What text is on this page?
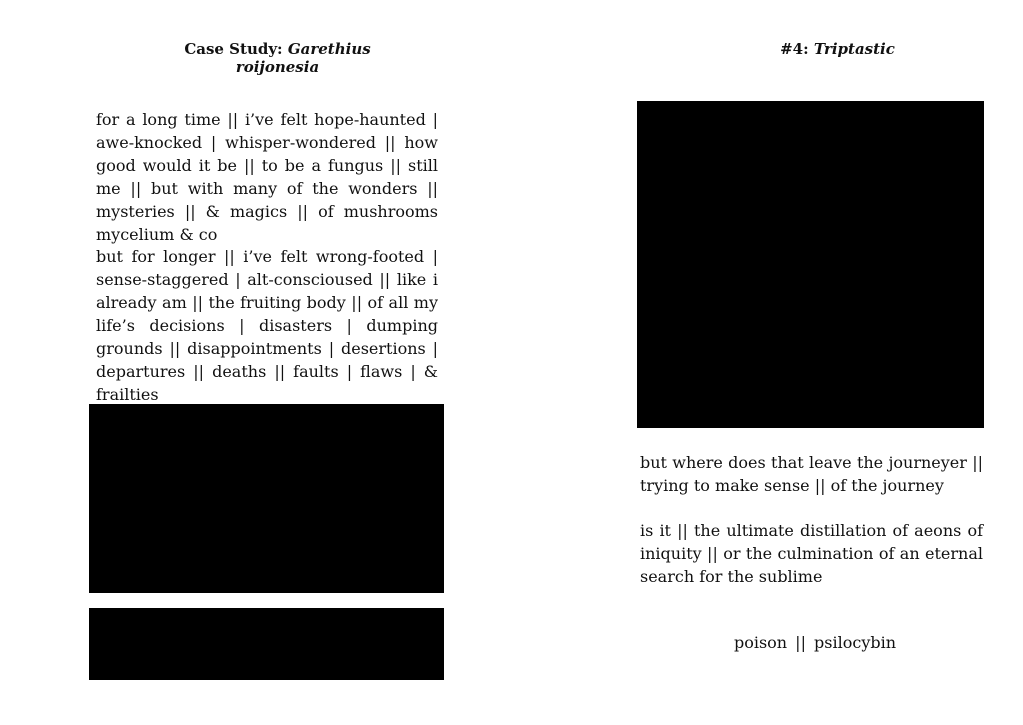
Case Study: Garethius roijonesia

for a long time || i’ve felt hope-haunted | awe-knocked | whisper-wondered || how good would it be || to be a fungus || still me || but with many of the wonders || mysteries || & magics || of mushrooms mycelium & co

but for longer || i’ve felt wrong-footed | sense-staggered | alt-conscioused || like i already am || the fruiting body || of all my life’s decisions | disasters | dumping grounds || disappointments | desertions | departures || deaths || faults | flaws | & frailties

#4: Triptastic

but where does that leave the journeyer || trying to make sense || of the journey

is it || the ultimate distillation of aeons of iniquity || or the culmination of an eternal search for the sublime

poison || psilocybin
